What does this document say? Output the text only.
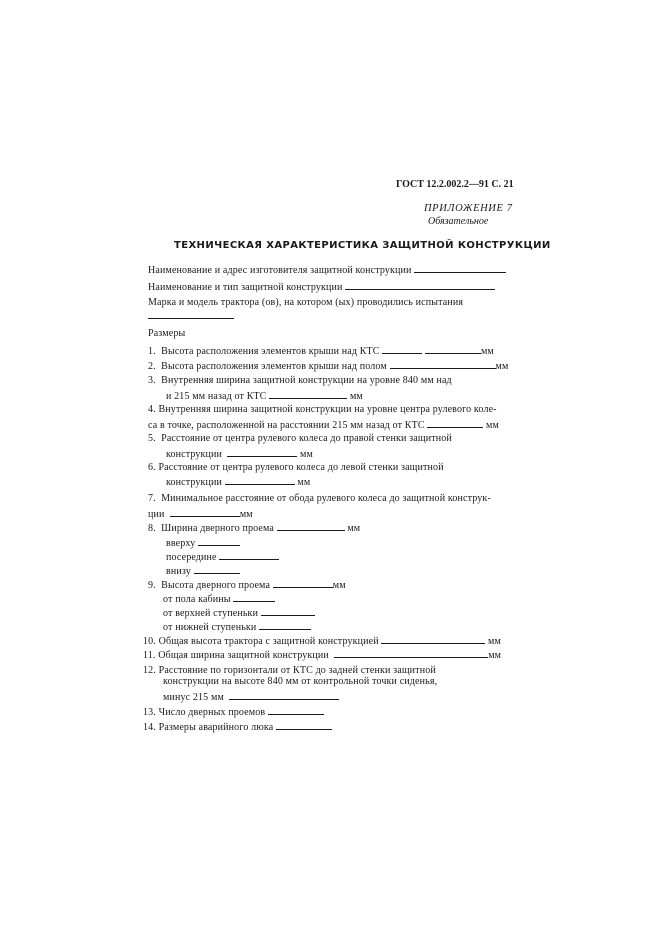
ГОСТ 12.2.002.2—91 С. 21
ПРИЛОЖЕНИЕ 7
Обязательное
ТЕХНИЧЕСКАЯ ХАРАКТЕРИСТИКА ЗАЩИТНОЙ КОНСТРУКЦИИ
Наименование и адрес изготовителя защитной конструкции
Наименование и тип защитной конструкции
Марка и модель трактора (ов), на котором (ых) проводились испытания
Размеры
1. Высота расположения элементов крыши над КТС	мм
2. Высота расположения элементов крыши над полом	мм
3. Внутренняя ширина защитной конструкции на уровне 840 мм над
и 215 мм назад от КТС	мм
4. Внутренняя ширина защитной конструкции на уровне центра рулевого коле-
са в точке, расположенной на расстоянии 215 мм назад от КТС	мм
5. Расстояние от центра рулевого колеса до правой стенки защитной
конструкции	мм
6. Расстояние от центра рулевого колеса до левой стенки защитной
конструкции	мм
7. Минимальное расстояние от обода рулевого колеса до защитной конструк-
ции	мм
8. Ширина дверного проема	мм
вверху
посередине
внизу
9. Высота дверного проема	мм
от пола кабины
от верхней ступеньки
от нижней ступеньки
10. Общая высота трактора с защитной конструкцией	мм
11. Общая ширина защитной конструкции	мм
12. Расстояние по горизонтали от КТС до задней стенки защитной
конструкции на высоте 840 мм от контрольной точки сиденья,
минус 215 мм
13. Число дверных проемов
14. Размеры аварийного люка
